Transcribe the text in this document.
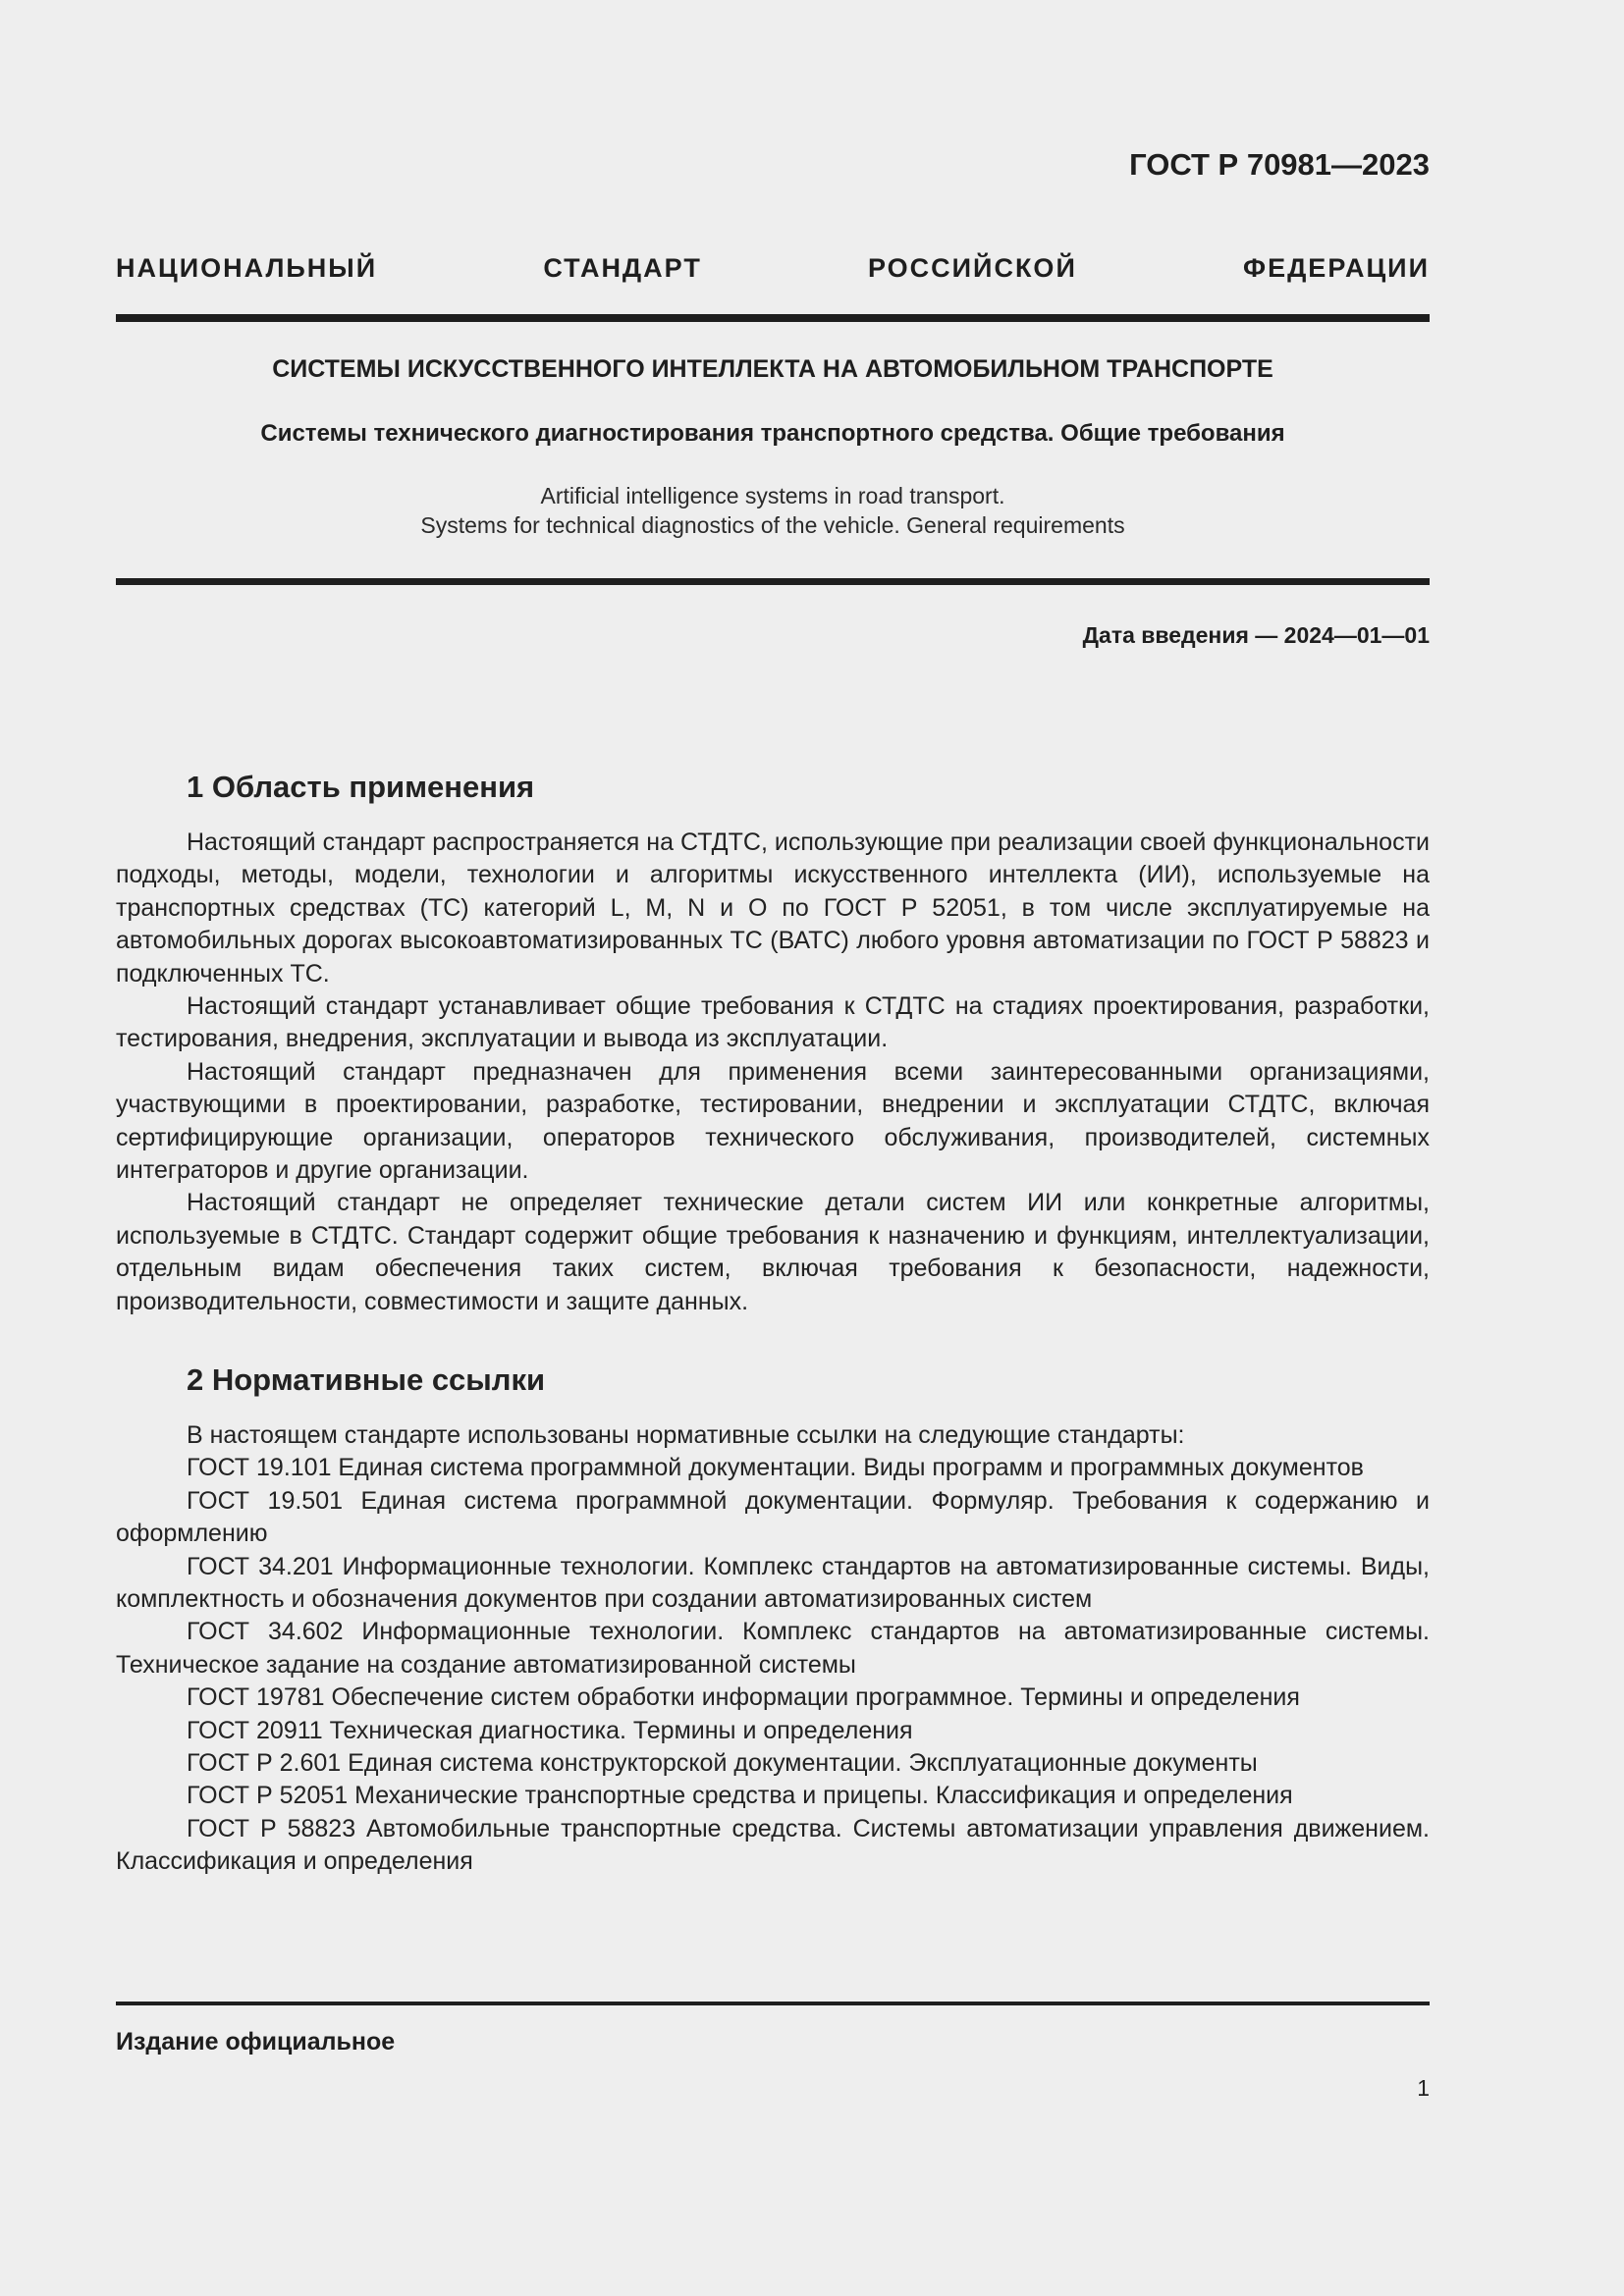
ГОСТ Р 70981—2023
НАЦИОНАЛЬНЫЙ СТАНДАРТ РОССИЙСКОЙ ФЕДЕРАЦИИ
СИСТЕМЫ ИСКУССТВЕННОГО ИНТЕЛЛЕКТА НА АВТОМОБИЛЬНОМ ТРАНСПОРТЕ
Системы технического диагностирования транспортного средства. Общие требования
Artificial intelligence systems in road transport.
Systems for technical diagnostics of the vehicle. General requirements
Дата введения — 2024—01—01
1 Область применения

Настоящий стандарт распространяется на СТДТС, использующие при реализации своей функциональности подходы, методы, модели, технологии и алгоритмы искусственного интеллекта (ИИ), используемые на транспортных средствах (ТС) категорий L, M, N и O по ГОСТ Р 52051, в том числе эксплуатируемые на автомобильных дорогах высокоавтоматизированных ТС (ВАТС) любого уровня автоматизации по ГОСТ Р 58823 и подключенных ТС.

Настоящий стандарт устанавливает общие требования к СТДТС на стадиях проектирования, разработки, тестирования, внедрения, эксплуатации и вывода из эксплуатации.

Настоящий стандарт предназначен для применения всеми заинтересованными организациями, участвующими в проектировании, разработке, тестировании, внедрении и эксплуатации СТДТС, включая сертифицирующие организации, операторов технического обслуживания, производителей, системных интеграторов и другие организации.

Настоящий стандарт не определяет технические детали систем ИИ или конкретные алгоритмы, используемые в СТДТС. Стандарт содержит общие требования к назначению и функциям, интеллектуализации, отдельным видам обеспечения таких систем, включая требования к безопасности, надежности, производительности, совместимости и защите данных.

2 Нормативные ссылки

В настоящем стандарте использованы нормативные ссылки на следующие стандарты:

ГОСТ 19.101 Единая система программной документации. Виды программ и программных документов

ГОСТ 19.501 Единая система программной документации. Формуляр. Требования к содержанию и оформлению

ГОСТ 34.201 Информационные технологии. Комплекс стандартов на автоматизированные системы. Виды, комплектность и обозначения документов при создании автоматизированных систем

ГОСТ 34.602 Информационные технологии. Комплекс стандартов на автоматизированные системы. Техническое задание на создание автоматизированной системы

ГОСТ 19781 Обеспечение систем обработки информации программное. Термины и определения

ГОСТ 20911 Техническая диагностика. Термины и определения

ГОСТ Р 2.601 Единая система конструкторской документации. Эксплуатационные документы

ГОСТ Р 52051 Механические транспортные средства и прицепы. Классификация и определения

ГОСТ Р 58823 Автомобильные транспортные средства. Системы автоматизации управления движением. Классификация и определения

Издание официальное
1
